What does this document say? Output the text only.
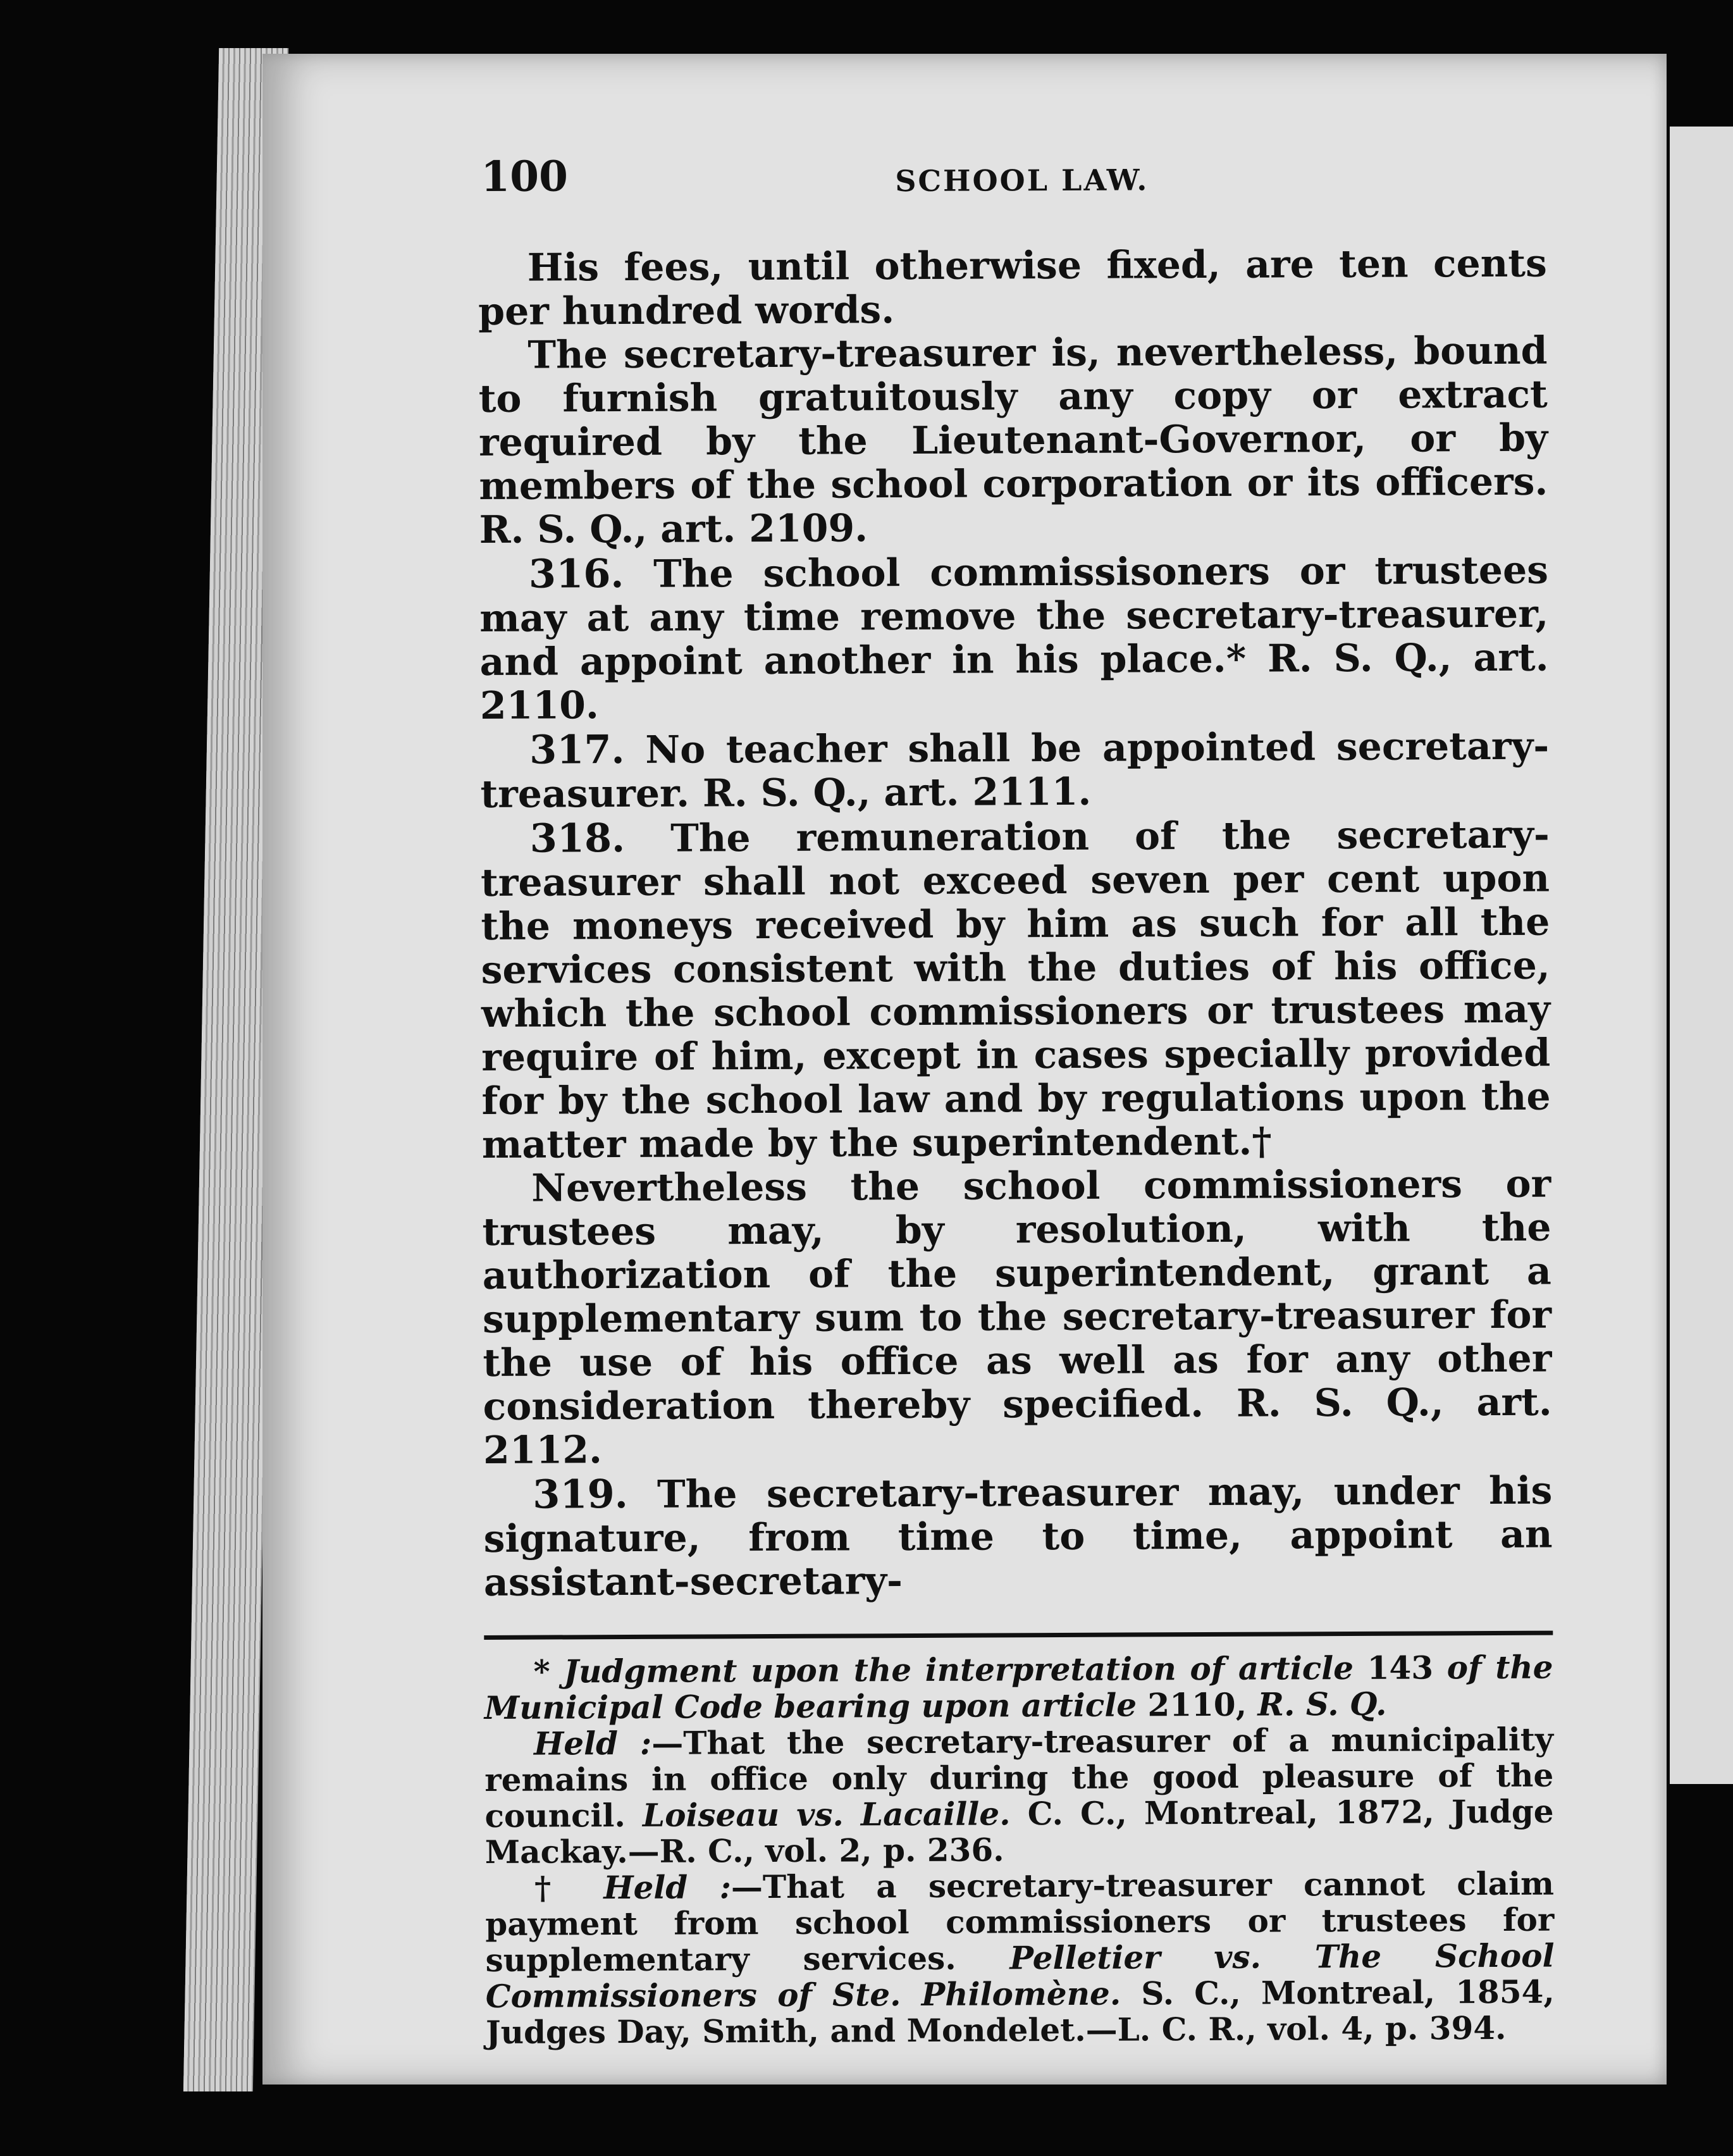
100	SCHOOL LAW.

His fees, until otherwise fixed, are ten cents per hundred words.

The secretary-treasurer is, nevertheless, bound to furnish gratuitously any copy or extract required by the Lieutenant-Governor, or by members of the school corporation or its officers. R. S. Q., art. 2109.

316. The school commissisoners or trustees may at any time remove the secretary-treasurer, and appoint another in his place.* R. S. Q., art. 2110.

317. No teacher shall be appointed secretary-treasurer. R. S. Q., art. 2111.

318. The remuneration of the secretary-treasurer shall not exceed seven per cent upon the moneys received by him as such for all the services consistent with the duties of his office, which the school commissioners or trustees may require of him, except in cases specially provided for by the school law and by regulations upon the matter made by the superintendent.†

Nevertheless the school commissioners or trustees may, by resolution, with the authorization of the superintendent, grant a supplementary sum to the secretary-treasurer for the use of his office as well as for any other consideration thereby specified. R. S. Q., art. 2112.

319. The secretary-treasurer may, under his signature, from time to time, appoint an assistant-secretary-

* Judgment upon the interpretation of article 143 of the Municipal Code bearing upon article 2110, R. S. Q.

Held :—That the secretary-treasurer of a municipality remains in office only during the good pleasure of the council. Loiseau vs. Lacaille. C. C., Montreal, 1872, Judge Mackay.—R. C., vol. 2, p. 236.

† Held :—That a secretary-treasurer cannot claim payment from school commissioners or trustees for supplementary services. Pelletier vs. The School Commissioners of Ste. Philomène. S. C., Montreal, 1854, Judges Day, Smith, and Mondelet.—L. C. R., vol. 4, p. 394.
